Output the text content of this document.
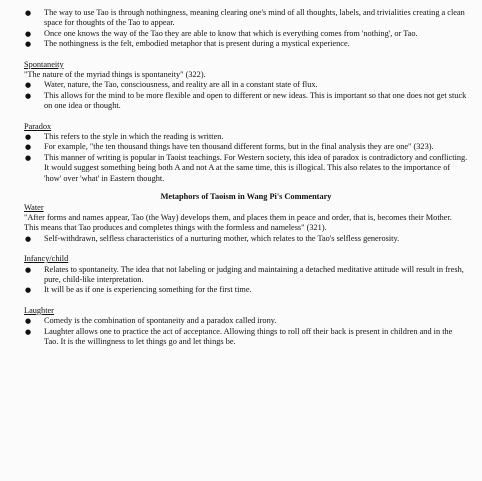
● The way to use Tao is through nothingness, meaning clearing one's mind of all thoughts, labels, and trivialities creating a clean space for thoughts of the Tao to appear.
● Once one knows the way of the Tao they are able to know that which is everything comes from 'nothing', or Tao.
● The nothingness is the felt, embodied metaphor that is present during a mystical experience.

Spontaneity

"The nature of the myriad things is spontaneity" (322).

● Water, nature, the Tao, consciousness, and reality are all in a constant state of flux.
● This allows for the mind to be more flexible and open to different or new ideas. This is important so that one does not get stuck on one idea or thought.

Paradox

● This refers to the style in which the reading is written.
● For example, "the ten thousand things have ten thousand different forms, but in the final analysis they are one" (323).
● This manner of writing is popular in Taoist teachings. For Western society, this idea of paradox is contradictory and conflicting. It would suggest something being both A and not A at the same time, this is illogical. This also relates to the importance of 'how' over 'what' in Eastern thought.

Metaphors of Taoism in Wang Pi's Commentary

Water

"After forms and names appear, Tao (the Way) develops them, and places them in peace and order, that is, becomes their Mother. This means that Tao produces and completes things with the formless and nameless" (321).

● Self-withdrawn, selfless characteristics of a nurturing mother, which relates to the Tao's selfless generosity.

Infancy/child

● Relates to spontaneity. The idea that not labeling or judging and maintaining a detached meditative attitude will result in fresh, pure, child-like interpretation.
● It will be as if one is experiencing something for the first time.

Laughter

● Comedy is the combination of spontaneity and a paradox called irony.
● Laughter allows one to practice the act of acceptance. Allowing things to roll off their back is present in children and in the Tao. It is the willingness to let things go and let things be.
